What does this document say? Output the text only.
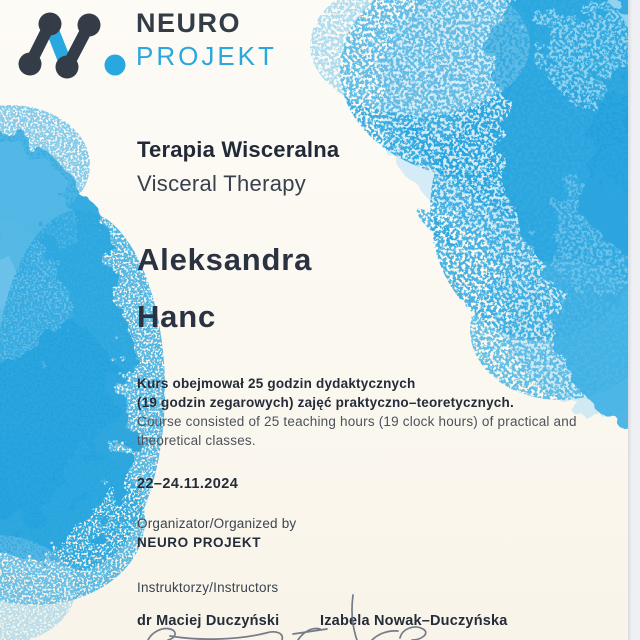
NEURO
PROJEKT
Terapia Wisceralna
Visceral Therapy
Aleksandra
Hanc
Kurs obejmował 25 godzin dydaktycznych
(19 godzin zegarowych) zajęć praktyczno–teoretycznych.
Course consisted of 25 teaching hours (19 clock hours) of practical and theoretical classes.
22–24.11.2024
Organizator/Organized by
NEURO PROJEKT
Instruktorzy/Instructors
dr Maciej Duczyński	Izabela Nowak–Duczyńska
